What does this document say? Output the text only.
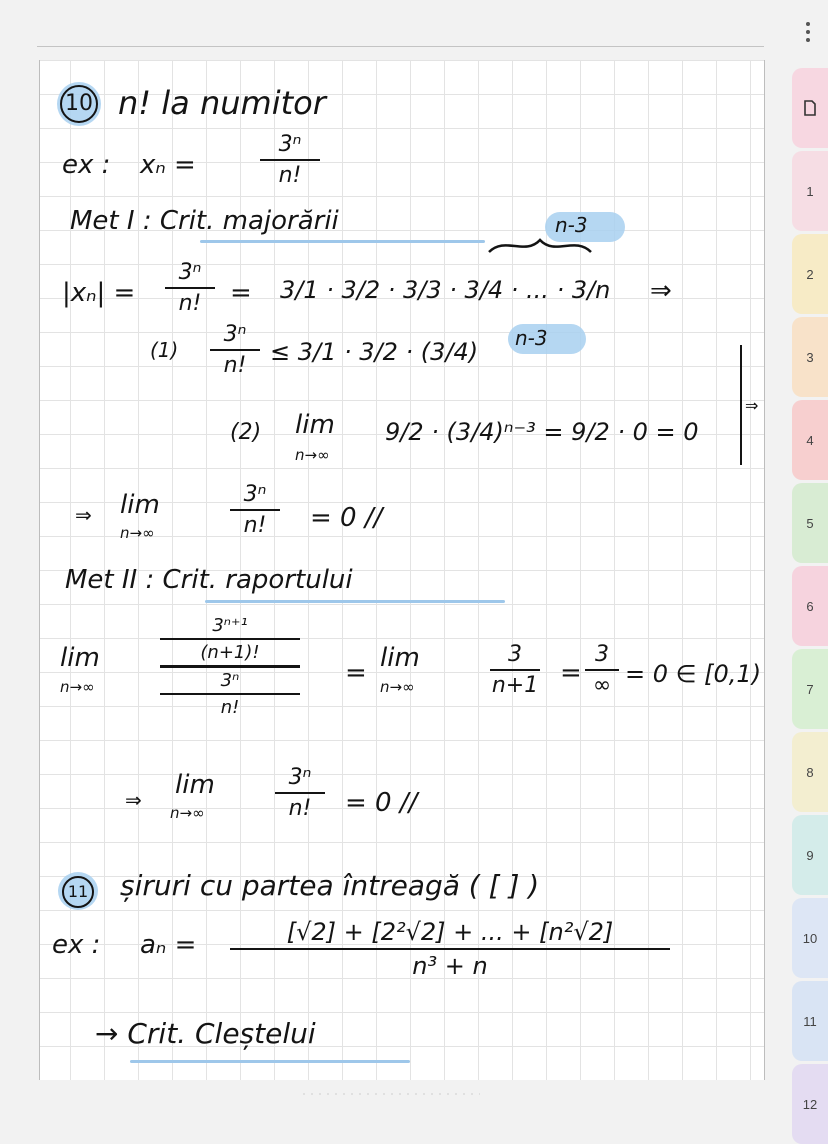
10 n! la numitor
ex : xₙ =
3ⁿ
n!
Met I : Crit. majorării	n-3
|xₙ| =
3ⁿ
n! = 3/1 · 3/2 · 3/3 · 3/4 · ... · 3/n ⇒
(1)
3ⁿ
n! ≤ 3/1 · 3/2 · (3/4) n-3
(2) lim
n→∞
9/2 · (3/4)ⁿ⁻³ = 9/2 · 0 = 0
⇒
⇒ lim
n→∞
3ⁿ
n! = 0 //
Met II : Crit. raportului
lim
n→∞
3ⁿ⁺¹
(n+1)!
3ⁿ
n!
= lim
n→∞
3
n+1 =
3
∞ = 0 ∈ [0,1)
⇒ lim
n→∞
3ⁿ
n! = 0 //
11 șiruri cu partea întreagă ( [ ] )
ex : aₙ =	[√2] + [2²√2] + ... + [n²√2]
n³ + n
→ Crit. Cleștelui
1
2
3
4
5
6
7
8
9
10
11
12
